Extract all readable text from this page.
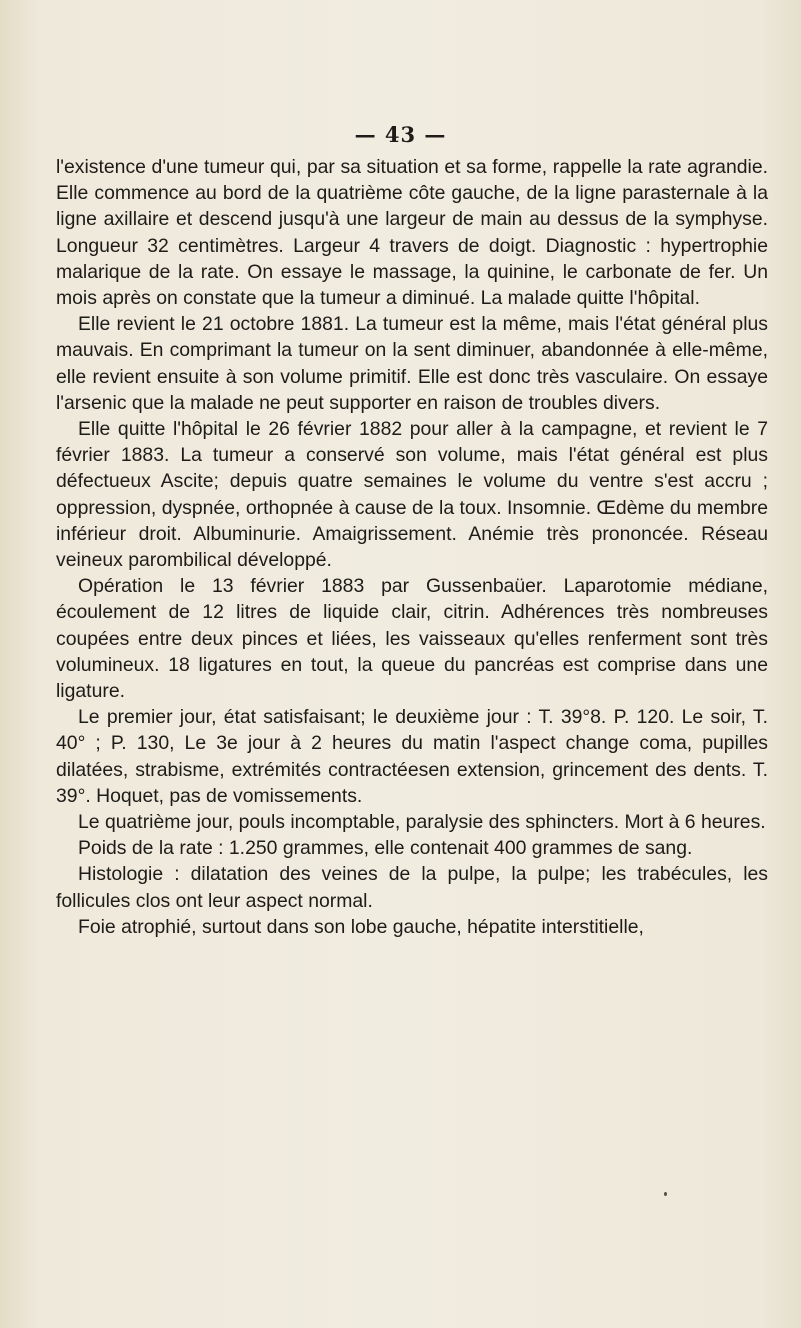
— 43 —

l'existence d'une tumeur qui, par sa situation et sa forme, rappelle la rate agrandie. Elle commence au bord de la quatrième côte gauche, de la ligne parasternale à la ligne axillaire et descend jusqu'à une largeur de main au dessus de la symphyse. Longueur 32 centimètres. Largeur 4 travers de doigt. Diagnostic : hypertrophie malarique de la rate. On essaye le massage, la quinine, le carbonate de fer. Un mois après on constate que la tumeur a diminué. La malade quitte l'hôpital.

Elle revient le 21 octobre 1881. La tumeur est la même, mais l'état général plus mauvais. En comprimant la tumeur on la sent diminuer, abandonnée à elle-même, elle revient ensuite à son volume primitif. Elle est donc très vasculaire. On essaye l'arsenic que la malade ne peut supporter en raison de troubles divers.

Elle quitte l'hôpital le 26 février 1882 pour aller à la campagne, et revient le 7 février 1883. La tumeur a conservé son volume, mais l'état général est plus défectueux Ascite; depuis quatre semaines le volume du ventre s'est accru ; oppression, dyspnée, orthopnée à cause de la toux. Insomnie. Œdème du membre inférieur droit. Albuminurie. Amaigrissement. Anémie très prononcée. Réseau veineux parombilical développé.

Opération le 13 février 1883 par Gussenbaüer. Laparotomie médiane, écoulement de 12 litres de liquide clair, citrin. Adhérences très nombreuses coupées entre deux pinces et liées, les vaisseaux qu'elles renferment sont très volumineux. 18 ligatures en tout, la queue du pancréas est comprise dans une ligature.

Le premier jour, état satisfaisant; le deuxième jour : T. 39°8. P. 120. Le soir, T. 40° ; P. 130, Le 3e jour à 2 heures du matin l'aspect change coma, pupilles dilatées, strabisme, extrémités contractéesen extension, grincement des dents. T. 39°. Hoquet, pas de vomissements.

Le quatrième jour, pouls incomptable, paralysie des sphincters. Mort à 6 heures.

Poids de la rate : 1.250 grammes, elle contenait 400 grammes de sang.

Histologie : dilatation des veines de la pulpe, la pulpe; les trabécules, les follicules clos ont leur aspect normal.

Foie atrophié, surtout dans son lobe gauche, hépatite interstitielle,
